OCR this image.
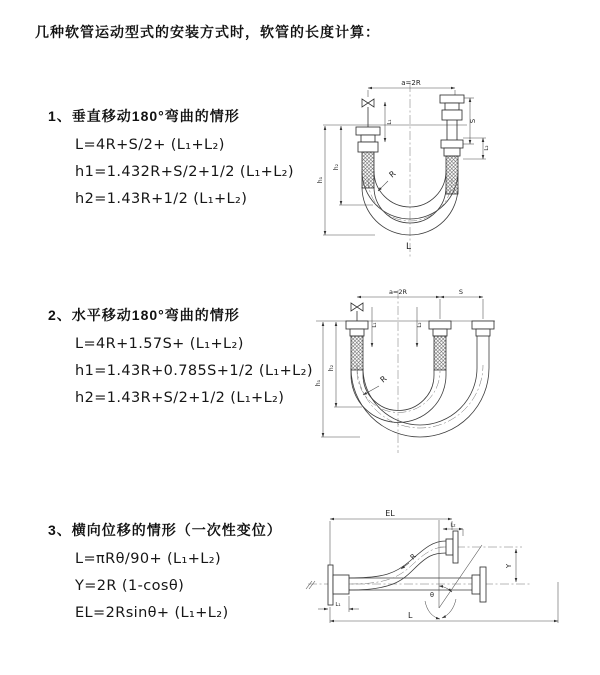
几种软管运动型式的安装方式时，软管的长度计算：
1、垂直移动180°弯曲的情形
L=4R+S/2+ (L₁+L₂)
h1=1.432R+S/2+1/2 (L₁+L₂)
h2=1.43R+1/2 (L₁+L₂)
2、水平移动180°弯曲的情形
L=4R+1.57S+ (L₁+L₂)
h1=1.43R+0.785S+1/2 (L₁+L₂)
h2=1.43R+S/2+1/2 (L₁+L₂)
3、横向位移的情形（一次性变位）
L=πRθ/90+ (L₁+L₂)
Y=2R (1-cosθ)
EL=2Rsinθ+ (L₁+L₂)
a=2R
L₁	S
L₂
h₁
h₂
R
L
a=2R	S
L₁	L₂
h₁
h₂
R
EL
L₂
Y
R
θ
L
L₁
